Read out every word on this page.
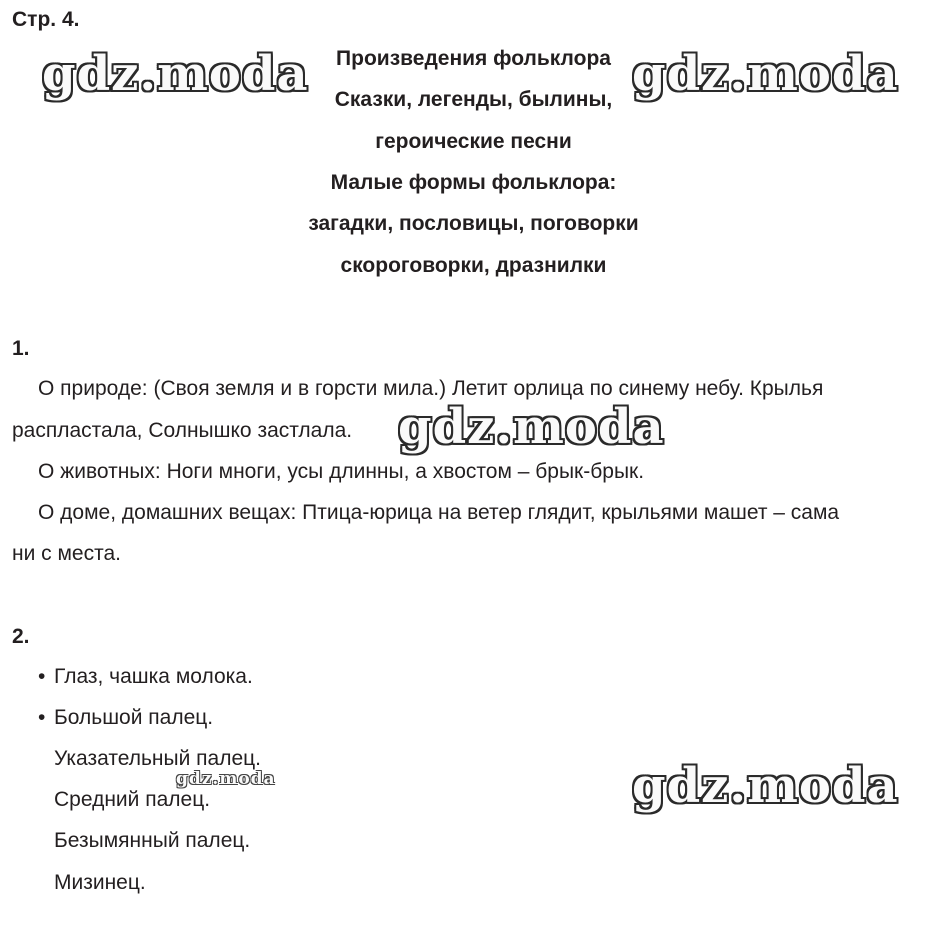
Стр. 4.
Произведения фольклора
Сказки, легенды, былины,
героические песни
Малые формы фольклора:
загадки, пословицы, поговорки
скороговорки, дразнилки
1.
О природе: (Своя земля и в горсти мила.) Летит орлица по синему небу. Крылья
распластала, Солнышко застлала.
О животных: Ноги многи, усы длинны, а хвостом – брык-брык.
О доме, домашних вещах: Птица-юрица на ветер глядит, крыльями машет – сама
ни с места.
2.
• Глаз, чашка молока.
• Большой палец.
Указательный палец.
Средний палец.
Безымянный палец.
Мизинец.
gdz.moda	gdz.moda
gdz.moda
gdz.moda	gdz.moda
